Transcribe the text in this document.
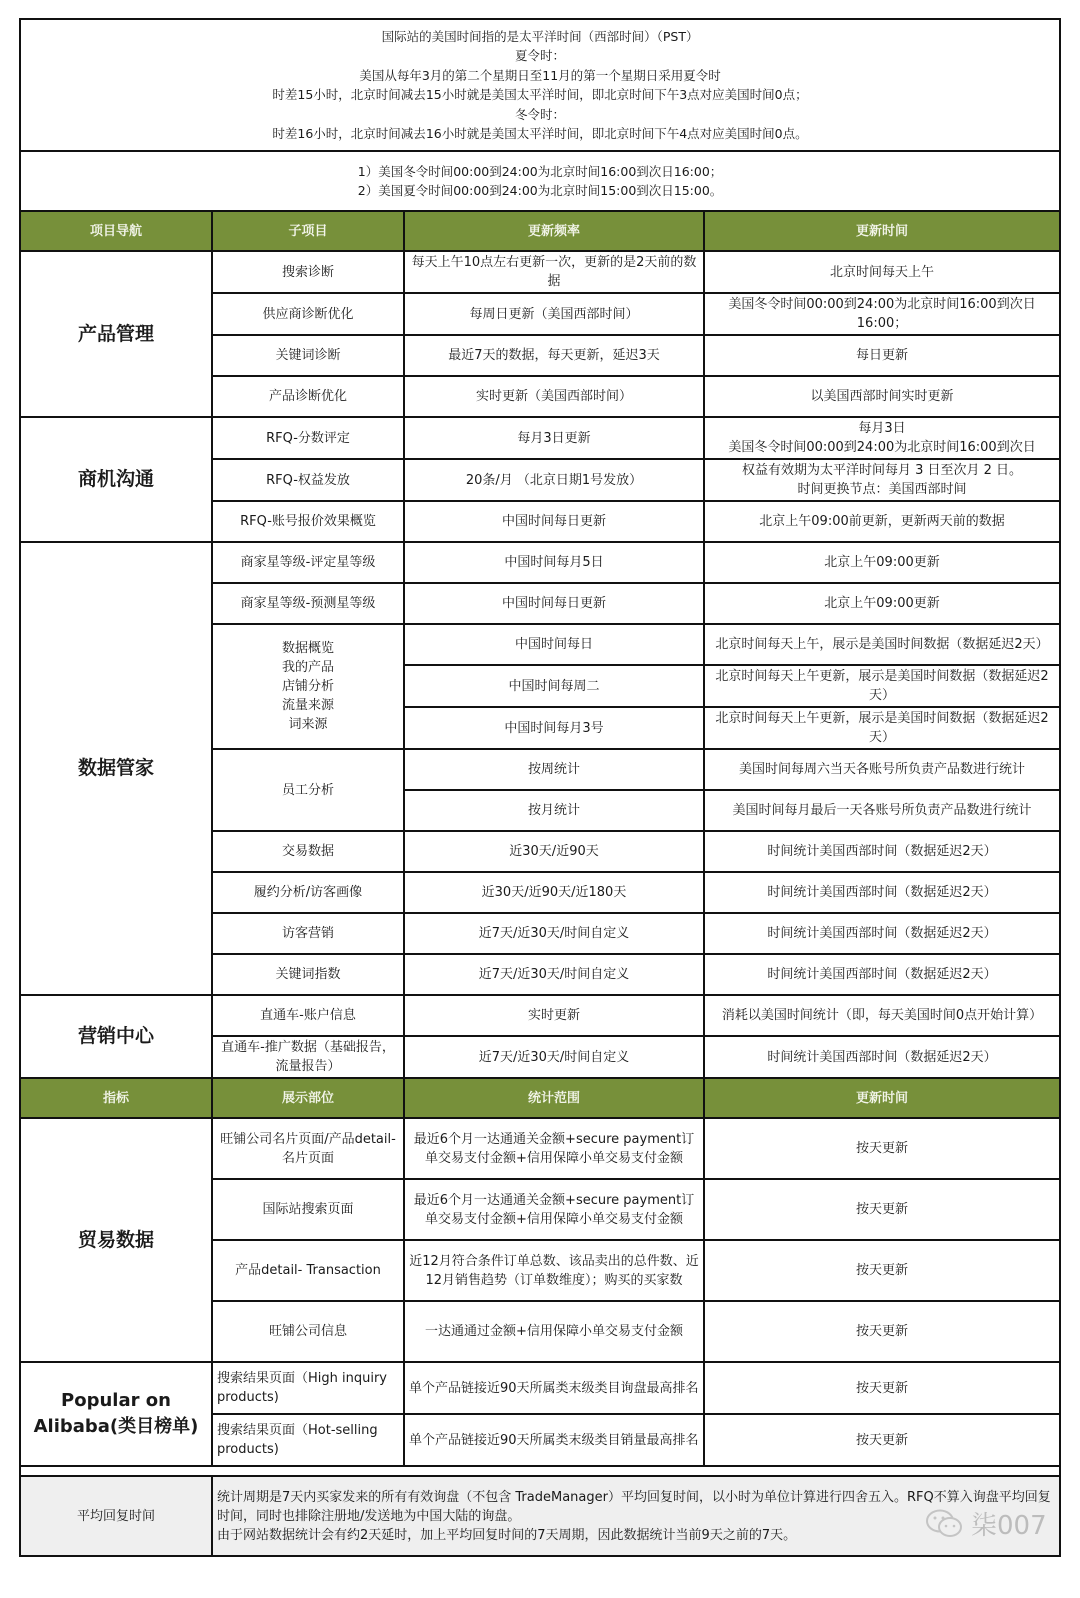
国际站的美国时间指的是太平洋时间（西部时间）（PST）
夏令时：
美国从每年3月的第二个星期日至11月的第一个星期日采用夏令时
时差15小时，北京时间减去15小时就是美国太平洋时间，即北京时间下午3点对应美国时间0点；
冬令时：
时差16小时，北京时间减去16小时就是美国太平洋时间，即北京时间下午4点对应美国时间0点。

1）美国冬令时间00:00到24:00为北京时间16:00到次日16:00；
2）美国夏令时间00:00到24:00为北京时间15:00到次日15:00。			

项目导航	子项目	更新频率	更新时间
产品管理	搜索诊断	每天上午10点左右更新一次，更新的是2天前的数据	北京时间每天上午
	供应商诊断优化	每周日更新（美国西部时间）	美国冬令时间00:00到24:00为北京时间16:00到次日16:00；
	关键词诊断	最近7天的数据，每天更新，延迟3天	每日更新
	产品诊断优化	实时更新（美国西部时间）	以美国西部时间实时更新
商机沟通	RFQ-分数评定	每月3日更新	每月3日
美国冬令时间00:00到24:00为北京时间16:00到次日

	RFQ-权益发放	20条/月 （北京日期1号发放）	权益有效期为太平洋时间每月 3 日至次月 2 日。
时间更换节点：美国西部时间

	RFQ-账号报价效果概览	中国时间每日更新	北京上午09:00前更新，更新两天前的数据
数据管家	商家星等级-评定星等级	中国时间每月5日	北京上午09:00更新
	商家星等级-预测星等级	中国时间每日更新	北京上午09:00更新

	数据概览
我的产品
店铺分析
流量来源
词来源	中国时间每日	北京时间每天上午，展示是美国时间数据（数据延迟2天）
		中国时间每周二	北京时间每天上午更新，展示是美国时间数据（数据延迟2天）
		中国时间每月3号	北京时间每天上午更新，展示是美国时间数据（数据延迟2天）
	员工分析	按周统计	美国时间每周六当天各账号所负责产品数进行统计
		按月统计	美国时间每月最后一天各账号所负责产品数进行统计
	交易数据	近30天/近90天	时间统计美国西部时间（数据延迟2天）
	履约分析/访客画像	近30天/近90天/近180天	时间统计美国西部时间（数据延迟2天）
	访客营销	近7天/近30天/时间自定义	时间统计美国西部时间（数据延迟2天）
	关键词指数	近7天/近30天/时间自定义	时间统计美国西部时间（数据延迟2天）
营销中心	直通车-账户信息	实时更新	消耗以美国时间统计（即，每天美国时间0点开始计算）
	直通车-推广数据（基础报告，流量报告）	近7天/近30天/时间自定义	时间统计美国西部时间（数据延迟2天）
指标	展示部位	统计范围	更新时间
贸易数据	旺铺公司名片页面/产品detail-名片页面	最近6个月一达通通关金额+secure payment订单交易支付金额+信用保障小单交易支付金额	按天更新
	国际站搜索页面	最近6个月一达通通关金额+secure payment订单交易支付金额+信用保障小单交易支付金额	按天更新
	产品detail- Transaction	近12月符合条件订单总数、该品卖出的总件数、近12月销售趋势（订单数维度）；购买的买家数	按天更新
	旺铺公司信息	一达通通过金额+信用保障小单交易支付金额	按天更新

Popular on
Alibaba(类目榜单)	搜索结果页面（High inquiry products)	单个产品链接近90天所属类末级类目询盘最高排名	按天更新
	搜索结果页面（Hot-selling products)	单个产品链接近90天所属类末级类目销量最高排名	按天更新

平均回复时间	统计周期是7天内买家发来的所有有效询盘（不包含 TradeManager）平均回复时间，以小时为单位计算进行四舍五入。RFQ不算入询盘平均回复时间，同时也排除注册地/发送地为中国大陆的询盘。
由于网站数据统计会有约2天延时，加上平均回复时间的7天周期，因此数据统计当前9天之前的7天。			柒007
